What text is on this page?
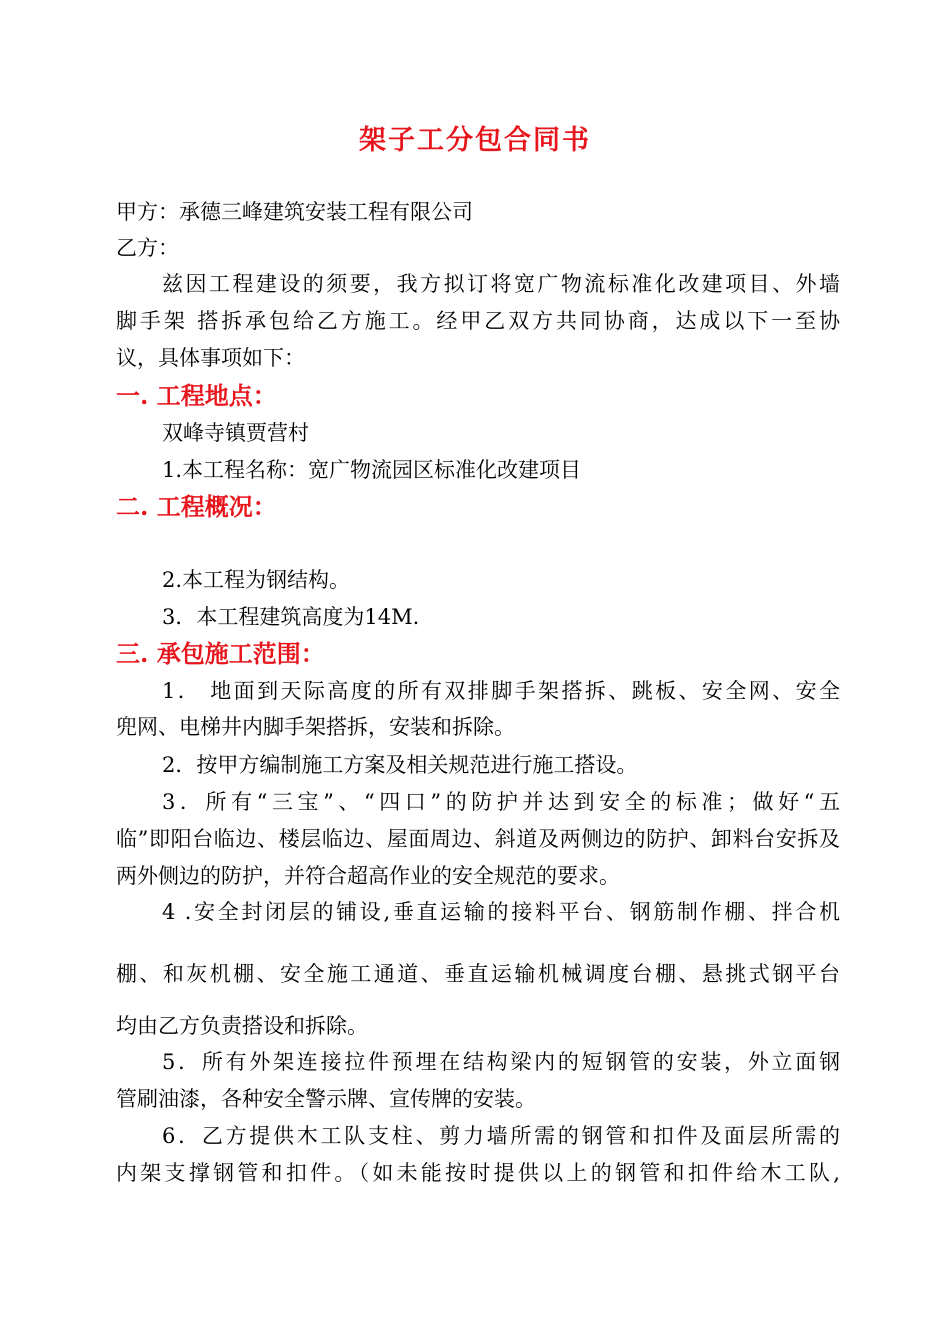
架子工分包合同书
甲方：承德三峰建筑安装工程有限公司
乙方：
兹因工程建设的须要，我方拟订将宽广物流标准化改建项目、外墙
脚手架 搭拆承包给乙方施工。经甲乙双方共同协商，达成以下一至协
议，具体事项如下：
一. 工程地点：
双峰寺镇贾营村
1.本工程名称：宽广物流园区标准化改建项目
二. 工程概况：
2.本工程为钢结构。
3．本工程建筑高度为14M.
三. 承包施工范围：
1． 地面到天际高度的所有双排脚手架搭拆、跳板、安全网、安全
兜网、电梯井内脚手架搭拆，安装和拆除。
2．按甲方编制施工方案及相关规范进行施工搭设。
3．所有“三宝”、“四口”的防护并达到安全的标准；做好“五
临”即阳台临边、楼层临边、屋面周边、斜道及两侧边的防护、卸料台安拆及
两外侧边的防护，并符合超高作业的安全规范的要求。
4 .安全封闭层的铺设,垂直运输的接料平台、钢筋制作棚、拌合机
棚、和灰机棚、安全施工通道、垂直运输机械调度台棚、悬挑式钢平台
均由乙方负责搭设和拆除。
5．所有外架连接拉件预埋在结构梁内的短钢管的安装，外立面钢
管刷油漆，各种安全警示牌、宣传牌的安装。
6．乙方提供木工队支柱、剪力墙所需的钢管和扣件及面层所需的
内架支撑钢管和扣件。（如未能按时提供以上的钢管和扣件给木工队,
